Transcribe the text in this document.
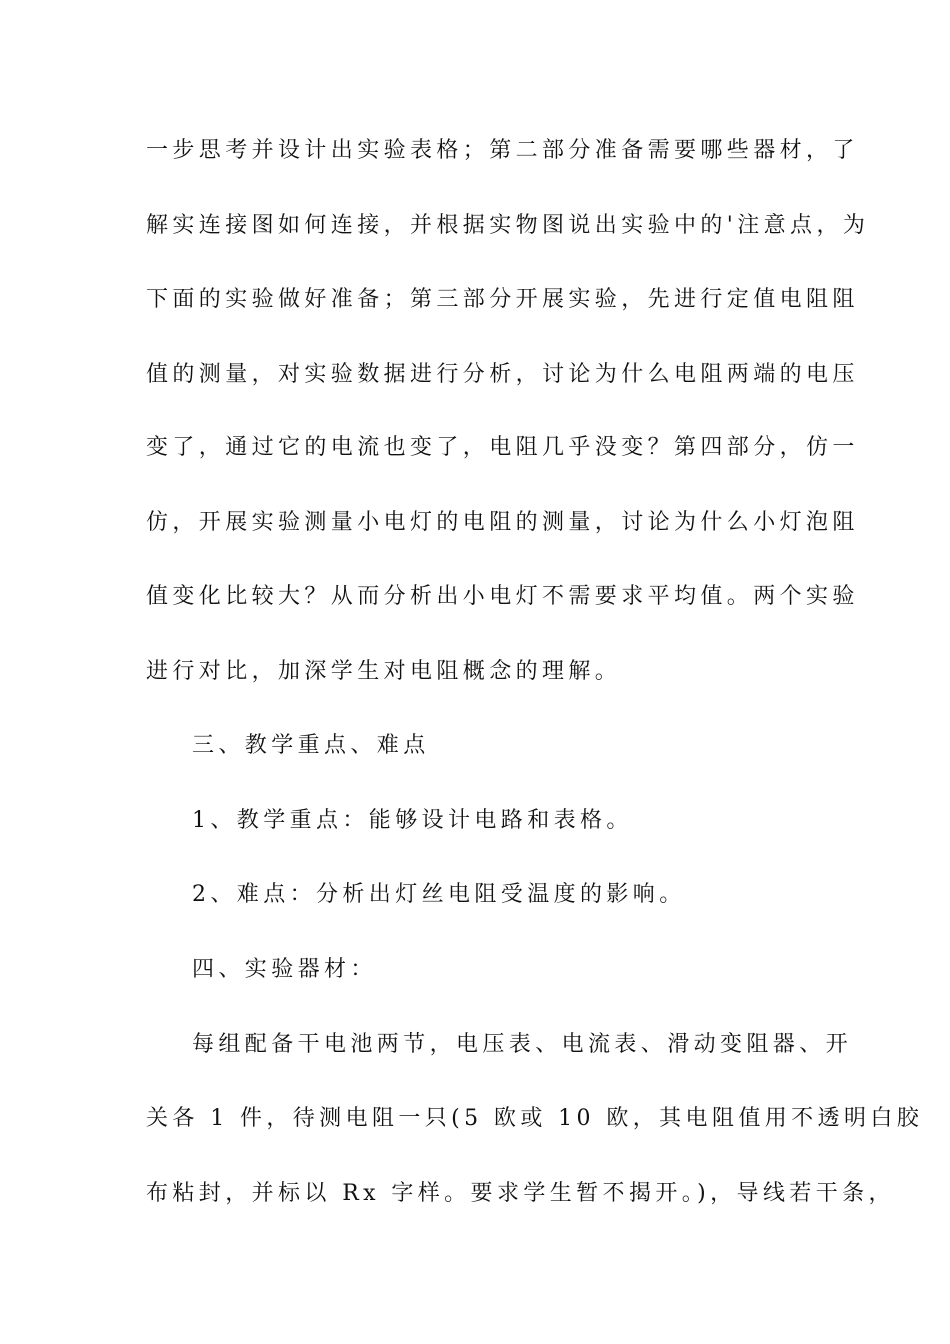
一步思考并设计出实验表格；第二部分准备需要哪些器材，了
解实连接图如何连接，并根据实物图说出实验中的'注意点，为
下面的实验做好准备；第三部分开展实验，先进行定值电阻阻
值的测量，对实验数据进行分析，讨论为什么电阻两端的电压
变了，通过它的电流也变了，电阻几乎没变？第四部分，仿一
仿，开展实验测量小电灯的电阻的测量，讨论为什么小灯泡阻
值变化比较大？从而分析出小电灯不需要求平均值。两个实验
进行对比，加深学生对电阻概念的理解。
三、教学重点、难点
1、教学重点：能够设计电路和表格。
2、难点：分析出灯丝电阻受温度的影响。
四、实验器材：
每组配备干电池两节，电压表、电流表、滑动变阻器、开
关各 1 件，待测电阻一只(5 欧或 10 欧，其电阻值用不透明白胶
布粘封，并标以 Rx 字样。要求学生暂不揭开。)，导线若干条，
